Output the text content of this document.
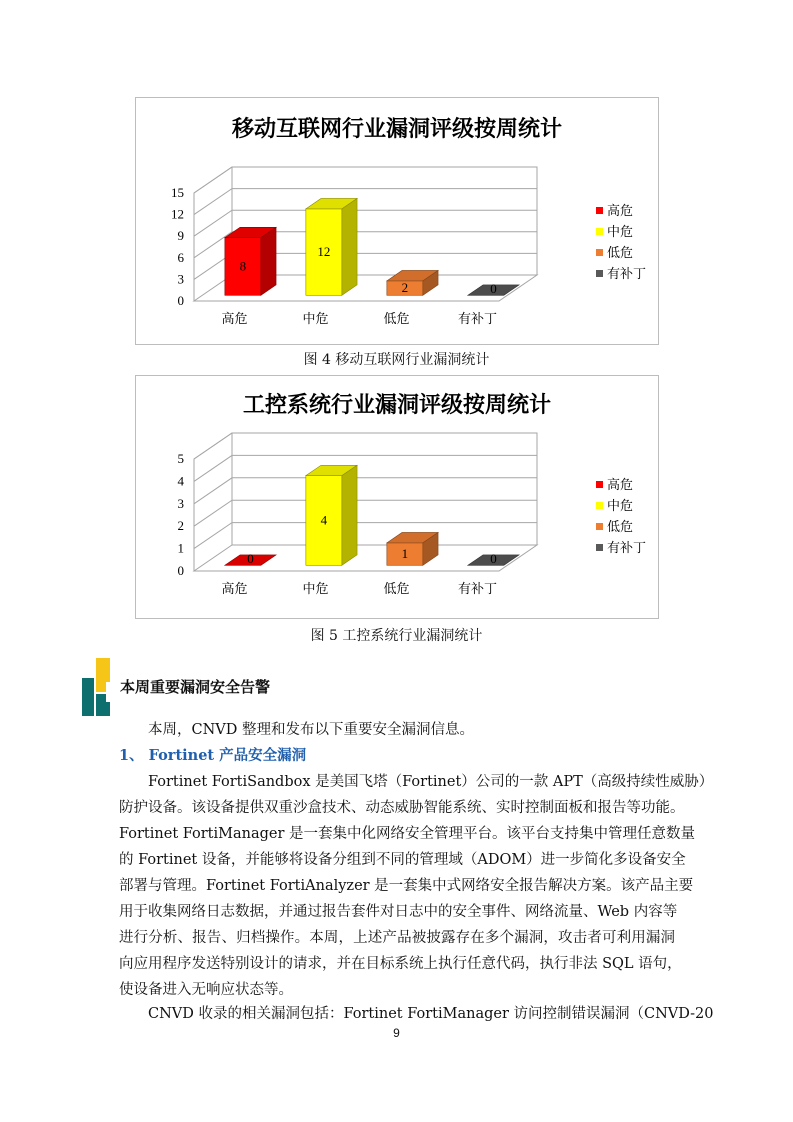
移动互联网行业漏洞评级按周统计
0
3
6
9
12
15
8
高危
12
中危
2
低危
0
有补丁
高危
中危
低危
有补丁
图 4 移动互联网行业漏洞统计
工控系统行业漏洞评级按周统计
0
1
2
3
4
5
0
高危
4
中危
1
低危
0
有补丁
高危
中危
低危
有补丁
图 5 工控系统行业漏洞统计
本周重要漏洞安全告警
本周，CNVD 整理和发布以下重要安全漏洞信息。
1、 Fortinet 产品安全漏洞
Fortinet FortiSandbox 是美国飞塔（Fortinet）公司的一款 APT（高级持续性威胁）
防护设备。该设备提供双重沙盒技术、动态威胁智能系统、实时控制面板和报告等功能。
Fortinet FortiManager 是一套集中化网络安全管理平台。该平台支持集中管理任意数量
的 Fortinet 设备，并能够将设备分组到不同的管理域（ADOM）进一步简化多设备安全
部署与管理。Fortinet FortiAnalyzer 是一套集中式网络安全报告解决方案。该产品主要
用于收集网络日志数据，并通过报告套件对日志中的安全事件、网络流量、Web 内容等
进行分析、报告、归档操作。本周，上述产品被披露存在多个漏洞，攻击者可利用漏洞
向应用程序发送特别设计的请求，并在目标系统上执行任意代码，执行非法 SQL 语句，
使设备进入无响应状态等。
CNVD 收录的相关漏洞包括：Fortinet FortiManager 访问控制错误漏洞（CNVD-20
9
